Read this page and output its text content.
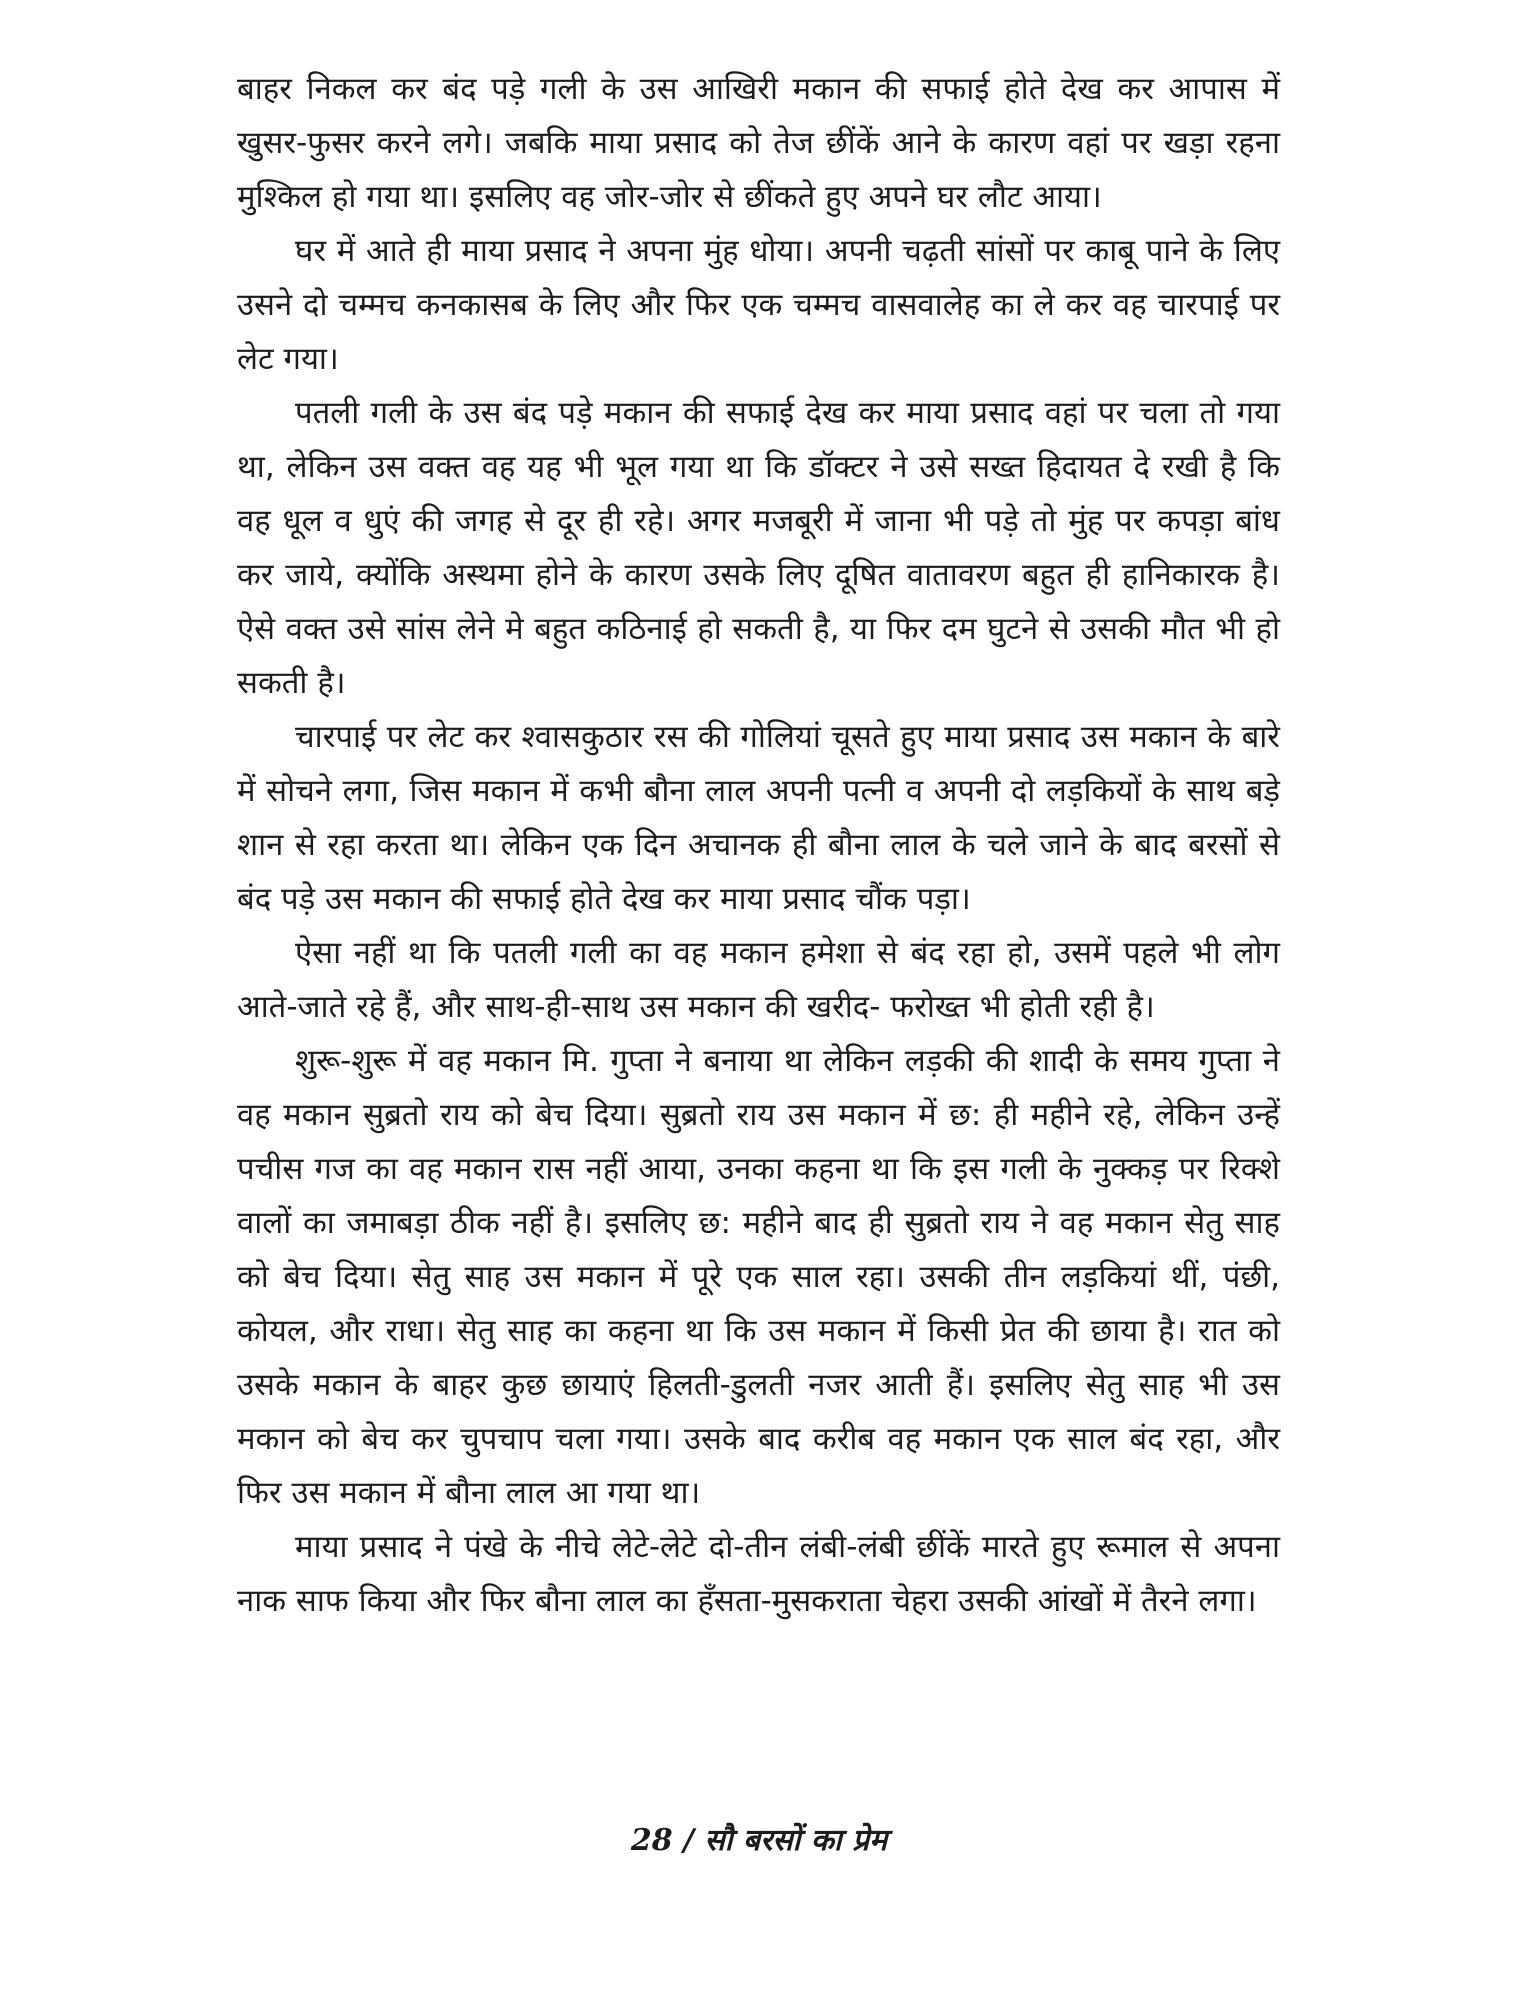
बाहर निकल कर बंद पड़े गली के उस आखिरी मकान की सफाई होते देख कर आपास में खुसर-फुसर करने लगे। जबकि माया प्रसाद को तेज छींकें आने के कारण वहां पर खड़ा रहना मुश्किल हो गया था। इसलिए वह जोर-जोर से छींकते हुए अपने घर लौट आया।

घर में आते ही माया प्रसाद ने अपना मुंह धोया। अपनी चढ़ती सांसों पर काबू पाने के लिए उसने दो चम्मच कनकासब के लिए और फिर एक चम्मच वासवालेह का ले कर वह चारपाई पर लेट गया।

पतली गली के उस बंद पड़े मकान की सफाई देख कर माया प्रसाद वहां पर चला तो गया था, लेकिन उस वक्त वह यह भी भूल गया था कि डॉक्टर ने उसे सख्त हिदायत दे रखी है कि वह धूल व धुएं की जगह से दूर ही रहे। अगर मजबूरी में जाना भी पड़े तो मुंह पर कपड़ा बांध कर जाये, क्योंकि अस्थमा होने के कारण उसके लिए दूषित वातावरण बहुत ही हानिकारक है। ऐसे वक्त उसे सांस लेने मे बहुत कठिनाई हो सकती है, या फिर दम घुटने से उसकी मौत भी हो सकती है।

चारपाई पर लेट कर श्वासकुठार रस की गोलियां चूसते हुए माया प्रसाद उस मकान के बारे में सोचने लगा, जिस मकान में कभी बौना लाल अपनी पत्नी व अपनी दो लड़कियों के साथ बड़े शान से रहा करता था। लेकिन एक दिन अचानक ही बौना लाल के चले जाने के बाद बरसों से बंद पड़े उस मकान की सफाई होते देख कर माया प्रसाद चौंक पड़ा।

ऐसा नहीं था कि पतली गली का वह मकान हमेशा से बंद रहा हो, उसमें पहले भी लोग आते-जाते रहे हैं, और साथ-ही-साथ उस मकान की खरीद- फरोख्त भी होती रही है।

शुरू-शुरू में वह मकान मि. गुप्ता ने बनाया था लेकिन लड़की की शादी के समय गुप्ता ने वह मकान सुब्रतो राय को बेच दिया। सुब्रतो राय उस मकान में छ: ही महीने रहे, लेकिन उन्हें पचीस गज का वह मकान रास नहीं आया, उनका कहना था कि इस गली के नुक्कड़ पर रिक्शे वालों का जमाबड़ा ठीक नहीं है। इसलिए छ: महीने बाद ही सुब्रतो राय ने वह मकान सेतु साह को बेच दिया। सेतु साह उस मकान में पूरे एक साल रहा। उसकी तीन लड़कियां थीं, पंछी, कोयल, और राधा। सेतु साह का कहना था कि उस मकान में किसी प्रेत की छाया है। रात को उसके मकान के बाहर कुछ छायाएं हिलती-डुलती नजर आती हैं। इसलिए सेतु साह भी उस मकान को बेच कर चुपचाप चला गया। उसके बाद करीब वह मकान एक साल बंद रहा, और फिर उस मकान में बौना लाल आ गया था।

माया प्रसाद ने पंखे के नीचे लेटे-लेटे दो-तीन लंबी-लंबी छींकें मारते हुए रूमाल से अपना नाक साफ किया और फिर बौना लाल का हँसता-मुसकराता चेहरा उसकी आंखों में तैरने लगा।

28 / सौ बरसों का प्रेम
